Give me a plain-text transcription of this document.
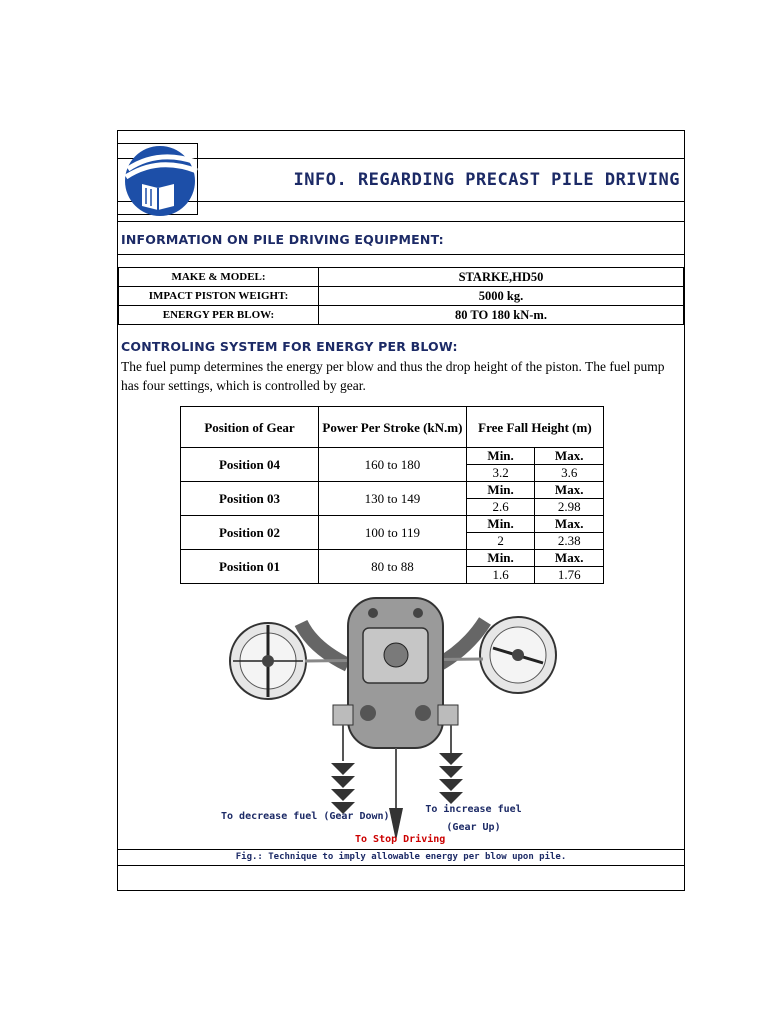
INFO. REGARDING PRECAST PILE DRIVING
INFORMATION ON PILE DRIVING EQUIPMENT:
MAKE & MODEL:	STARKE,HD50
IMPACT PISTON WEIGHT:	5000 kg.
ENERGY PER BLOW:	80 TO 180 kN-m.
CONTROLING SYSTEM FOR ENERGY PER BLOW:
The fuel pump determines the energy per blow and thus the drop height of the piston. The fuel pump has four settings, which is controlled by gear.
Position of Gear	Power Per Stroke (kN.m)	Free Fall Height (m)	
Position 04	160 to 180	Min.	Max.
		3.2	3.6
Position 03	130 to 149	Min.	Max.
		2.6	2.98
Position 02	100 to 119	Min.	Max.
		2	2.38
Position 01	80 to 88	Min.	Max.
		1.6	1.76
To decrease fuel (Gear Down)
To increase fuel (Gear Up)
To Stop Driving
Fig.: Technique to imply allowable energy per blow upon pile.
